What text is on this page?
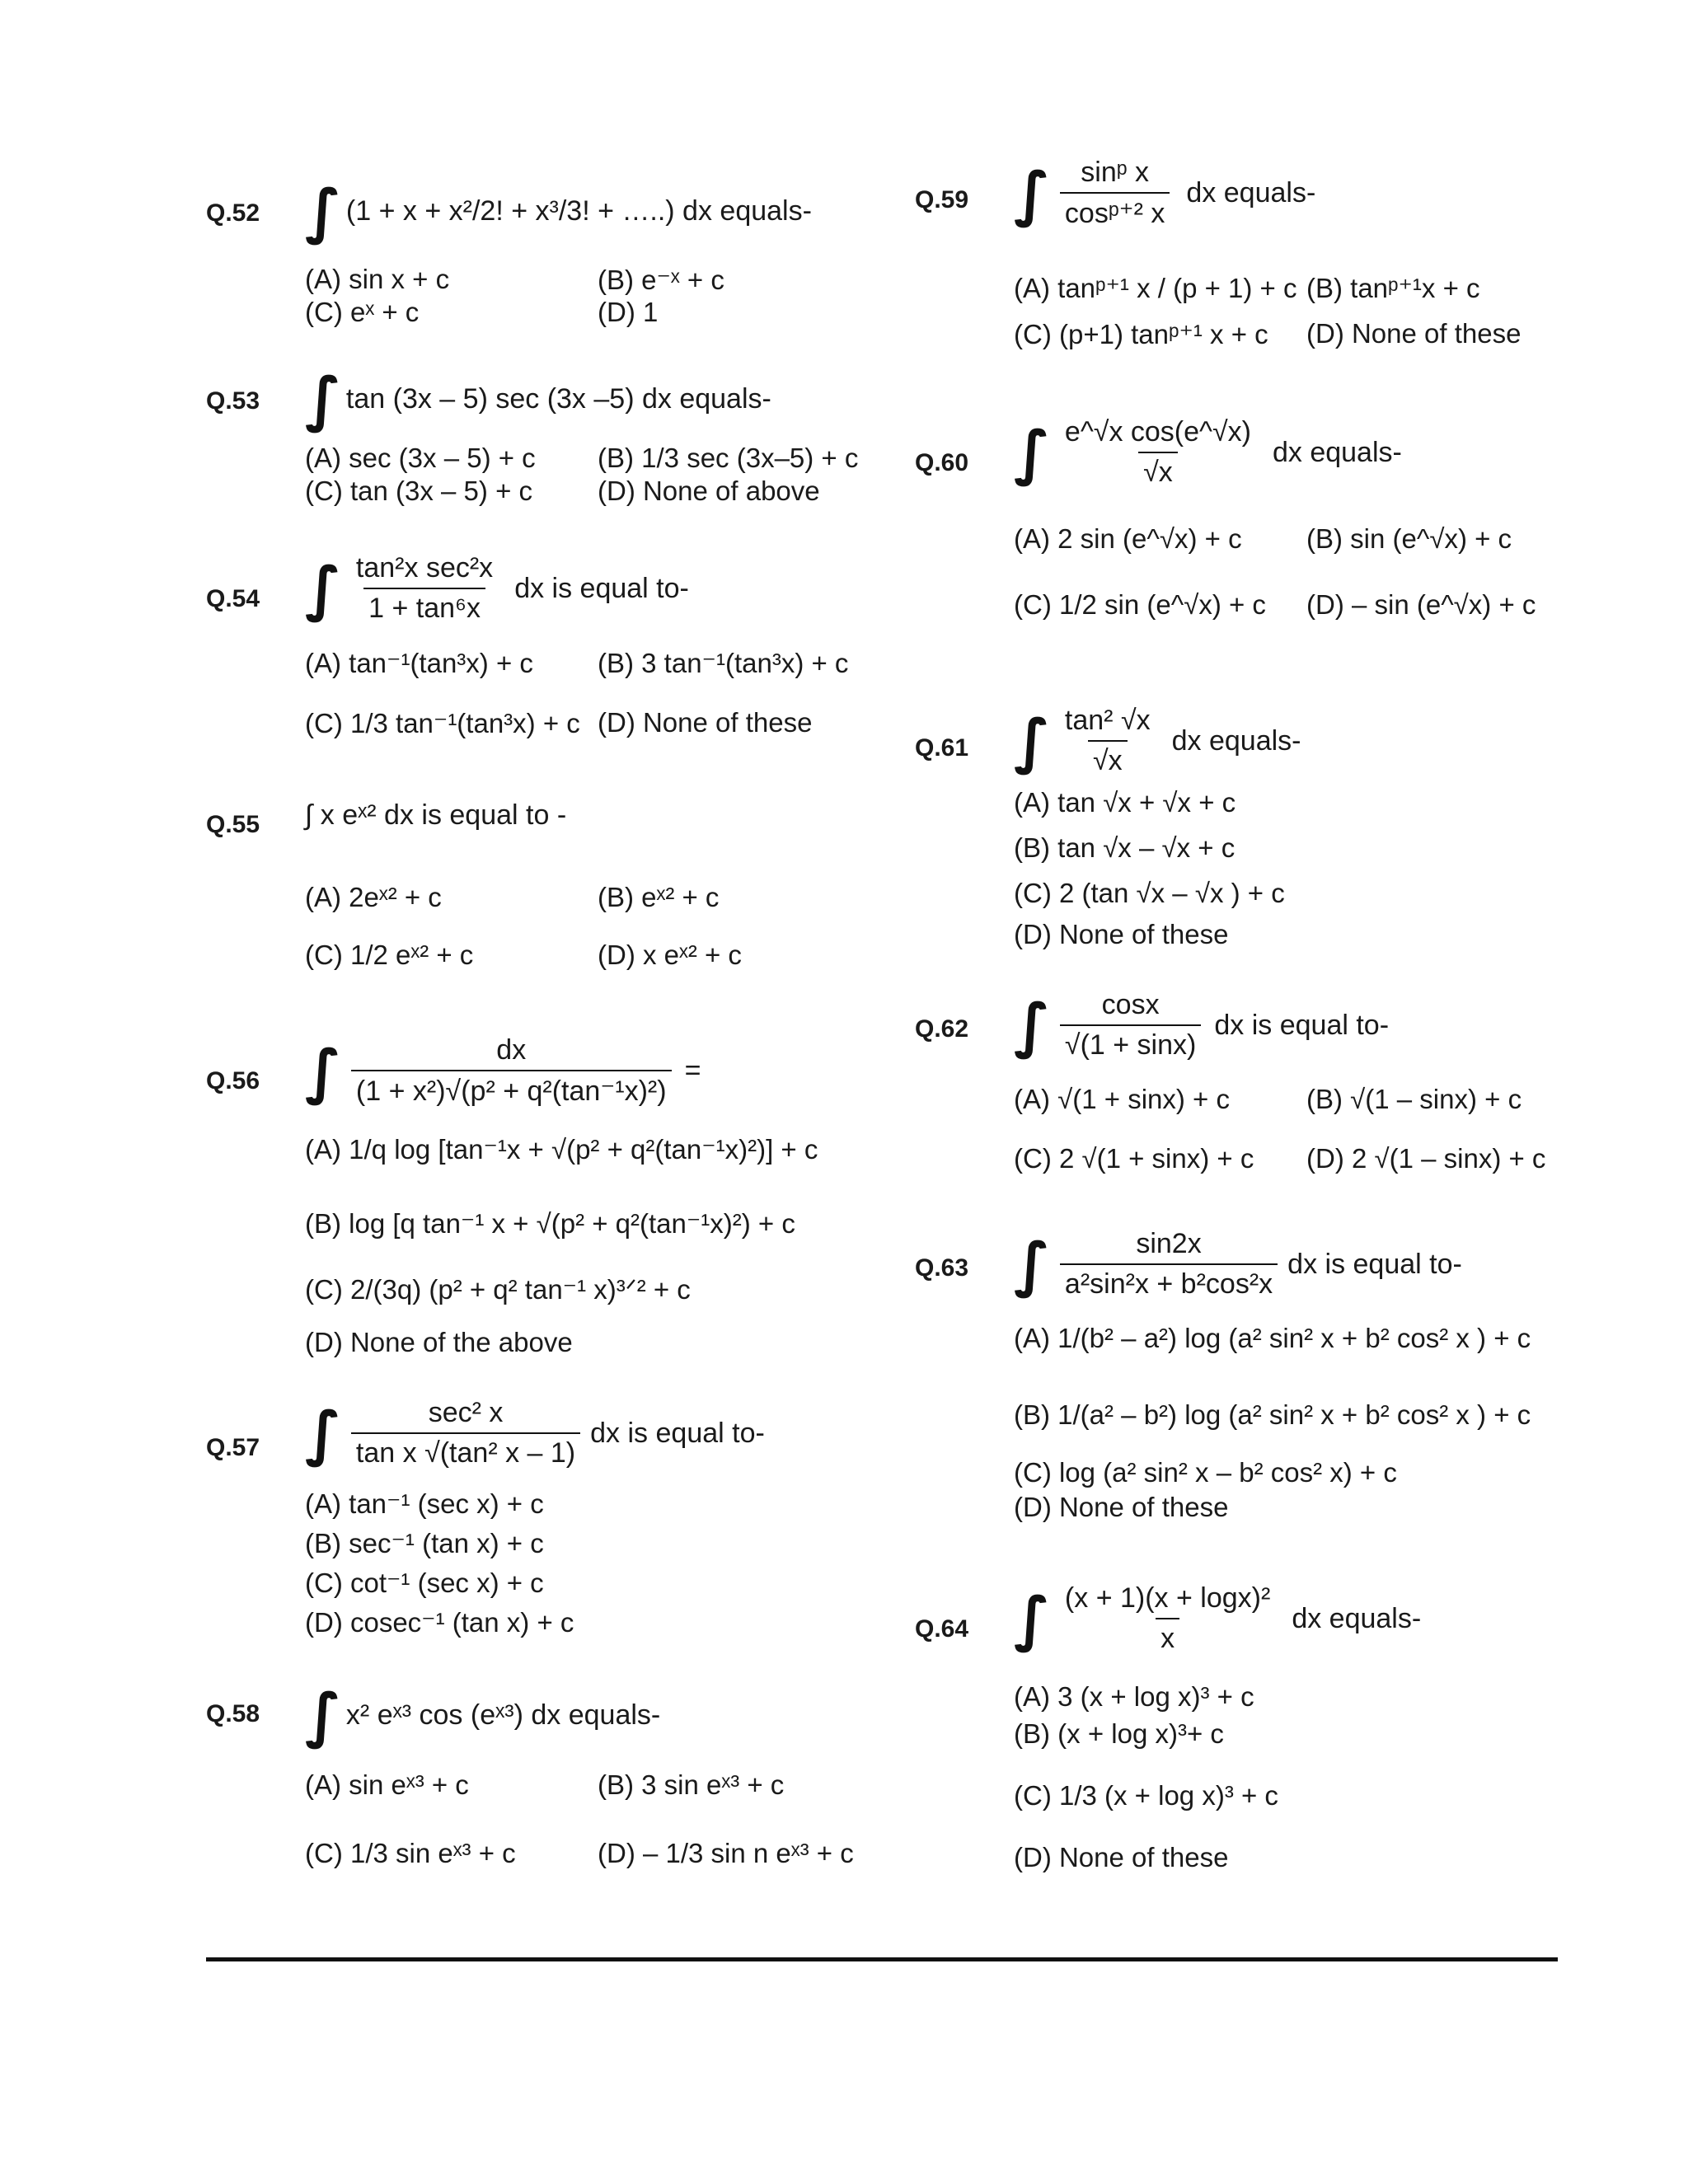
Q.52 ∫ (1 + x + x²/2! + x³/3! + …..) dx equals-
(A) sin x + c	(B) e⁻ˣ + c
(C) eˣ + c	(D) 1
Q.53 ∫ tan (3x – 5) sec (3x –5) dx equals-
(A) sec (3x – 5) + c (B) 1/3 sec (3x–5) + c
(C) tan (3x – 5) + c (D) None of above
Q.54 ∫ $\frac{\text{tan²x sec²x}}{\text{1 + tan⁶x}}$ dx is equal to-
(A) tan⁻¹(tan³x) + c (B) 3 tan⁻¹(tan³x) + c
(C) 1/3 tan⁻¹(tan³x) + c (D) None of these
Q.55	∫ x eˣ² dx is equal to -
(A) 2eˣ² + c	(B) eˣ² + c
(C) 1/2 eˣ² + c	(D) x eˣ² + c
Q.56 ∫ $\frac{dx}{\text{(1 + x²)√(p² + q²(tan⁻¹x)²)}}$ =
(A) 1/q log [tan⁻¹x + √(p² + q²(tan⁻¹x)²)] + c
(B) log [q tan⁻¹ x + √(p² + q²(tan⁻¹x)²) + c
(C) 2/(3q) (p² + q² tan⁻¹ x)³ᐟ² + c
(D) None of the above
Q.57 ∫ $\frac{\text{sec² x}}{\text{tan x √(tan² x – 1)}}$ dx is equal to-
(A) tan⁻¹ (sec x) + c
(B) sec⁻¹ (tan x) + c
(C) cot⁻¹ (sec x) + c
(D) cosec⁻¹ (tan x) + c
Q.58 ∫ x² eˣ³ cos (eˣ³) dx equals-
(A) sin eˣ³ + c	(B) 3 sin eˣ³ + c
(C) 1/3 sin eˣ³ + c	(D) – 1/3 sin n eˣ³ + c
Q.59 ∫ $\frac{\text{sinᵖ x}}{\text{cosᵖ⁺² x}}$ dx equals-
(A) tanᵖ⁺¹ x / (p + 1) + c (B) tanᵖ⁺¹x + c
(C) (p+1) tanᵖ⁺¹ x + c (D) None of these
Q.60 ∫ $\frac{\text{e\textasciicircum{}√x cos(e\textasciicircum{}√x)}}{√x}$ dx equals-
(A) 2 sin (e^√x) + c (B) sin (e^√x) + c
(C) 1/2 sin (e^√x) + c (D) – sin (e^√x) + c
Q.61 ∫ $\frac{\text{tan² √x}}{√x}$ dx equals-
(A) tan √x + √x + c
(B) tan √x – √x + c
(C) 2 (tan √x – √x ) + c
(D) None of these
Q.62 ∫ $\frac{\cos x}{√(1 + \sin x)}$ dx is equal to-
(A) √(1 + sinx) + c	(B) √(1 – sinx) + c
(C) 2 √(1 + sinx) + c (D) 2 √(1 – sinx) + c
Q.63 ∫ $\frac{\sin 2x}{\text{a²sin²x + b²cos²x}}$ dx is equal to-
(A) 1/(b² – a²) log (a² sin² x + b² cos² x ) + c
(B) 1/(a² – b²) log (a² sin² x + b² cos² x ) + c
(C) log (a² sin² x – b² cos² x) + c
(D) None of these
Q.64 ∫ $\frac{\text{(x + 1)(x + logx)²}}{x}$ dx equals-
(A) 3 (x + log x)³ + c
(B) (x + log x)³+ c
(C) 1/3 (x + log x)³ + c
(D) None of these
